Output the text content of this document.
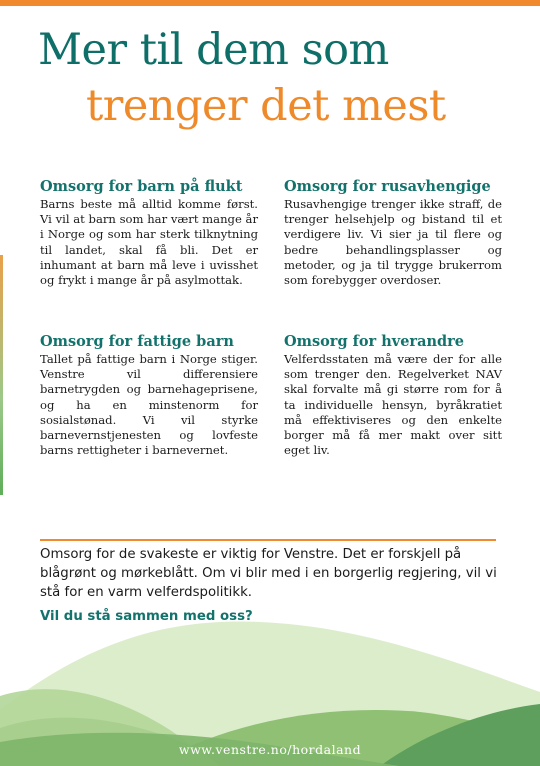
Mer til dem som
trenger det mest
Omsorg for barn på flukt
Barns beste må alltid komme først. Vi vil at barn som har vært mange år i Norge og som har sterk tilknytning til landet, skal få bli. Det er inhumant at barn må leve i uvisshet og frykt i mange år på asylmottak.
Omsorg for rusavhengige
Rusavhengige trenger ikke straff, de trenger helsehjelp og bistand til et verdigere liv. Vi sier ja til flere og bedre behandlingsplasser og metoder, og ja til trygge brukerrom som forebygger overdoser.
Omsorg for fattige barn
Tallet på fattige barn i Norge stiger. Venstre vil differensiere barnetrygden og barnehageprisene, og ha en minstenorm for sosialstønad. Vi vil styrke barnevernstjenesten og lovfeste barns rettigheter i barnevernet.
Omsorg for hverandre
Velferdsstaten må være der for alle som trenger den. Regelverket NAV skal forvalte må gi større rom for å ta individuelle hensyn, byråkratiet må effektiviseres og den enkelte borger må få mer makt over sitt eget liv.
Omsorg for de svakeste er viktig for Venstre. Det er forskjell på blågrønt og mørkeblått. Om vi blir med i en borgerlig regjering, vil vi stå for en varm velferdspolitikk.
Vil du stå sammen med oss?
www.venstre.no/hordaland
